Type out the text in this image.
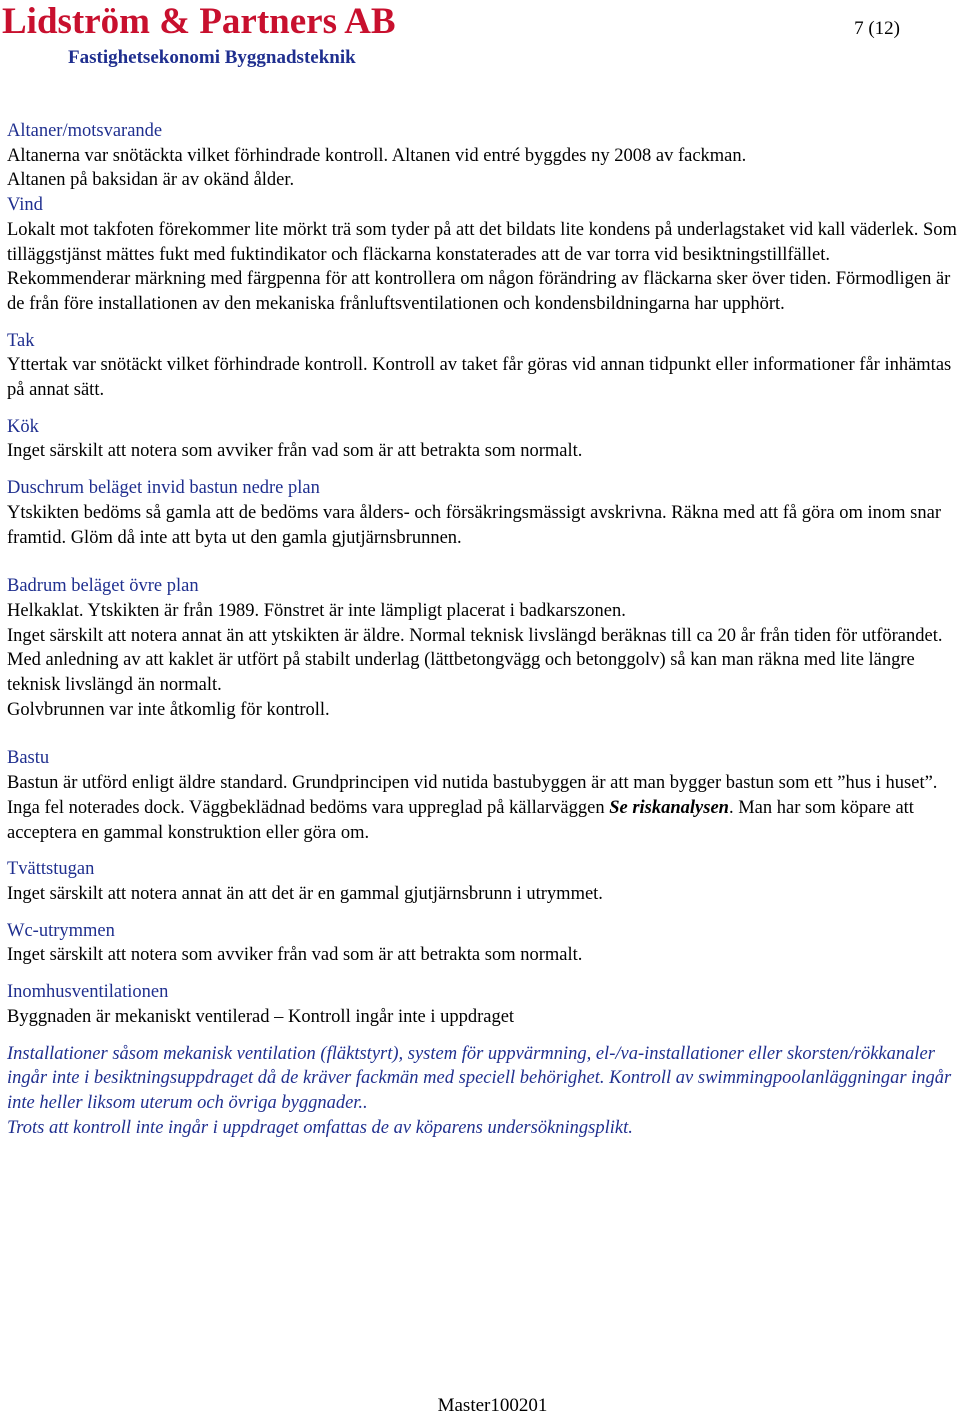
Lidström & Partners AB
Fastighetsekonomi Byggnadsteknik
7 (12)
Altaner/motsvarande

Altanerna var snötäckta vilket förhindrade kontroll. Altanen vid entré byggdes ny 2008 av fackman.

Altanen på baksidan är av okänd ålder.

Vind

Lokalt mot takfoten förekommer lite mörkt trä som tyder på att det bildats lite kondens på underlagstaket vid kall väderlek. Som tilläggstjänst mättes fukt med fuktindikator och fläckarna konstaterades att de var torra vid besiktningstillfället. Rekommenderar märkning med färgpenna för att kontrollera om någon förändring av fläckarna sker över tiden. Förmodligen är de från före installationen av den mekaniska frånluftsventilationen och kondensbildningarna har upphört.

Tak

Yttertak var snötäckt vilket förhindrade kontroll. Kontroll av taket får göras vid annan tidpunkt eller informationer får inhämtas på annat sätt.

Kök

Inget särskilt att notera som avviker från vad som är att betrakta som normalt.

Duschrum beläget invid bastun nedre plan

Ytskikten bedöms så gamla att de bedöms vara ålders- och försäkringsmässigt avskrivna. Räkna med att få göra om inom snar framtid. Glöm då inte att byta ut den gamla gjutjärnsbrunnen.

Badrum beläget övre plan

Helkaklat. Ytskikten är från 1989. Fönstret är inte lämpligt placerat i badkarszonen.

Inget särskilt att notera annat än att ytskikten är äldre. Normal teknisk livslängd beräknas till ca 20 år från tiden för utförandet. Med anledning av att kaklet är utfört på stabilt underlag (lättbetongvägg och betonggolv) så kan man räkna med lite längre teknisk livslängd än normalt.

Golvbrunnen var inte åtkomlig för kontroll.

Bastu

Bastun är utförd enligt äldre standard. Grundprincipen vid nutida bastubyggen är att man bygger bastun som ett ”hus i huset”. Inga fel noterades dock. Väggbeklädnad bedöms vara uppreglad på källarväggen Se riskanalysen. Man har som köpare att acceptera en gammal konstruktion eller göra om.

Tvättstugan

Inget särskilt att notera annat än att det är en gammal gjutjärnsbrunn i utrymmet.

Wc-utrymmen

Inget särskilt att notera som avviker från vad som är att betrakta som normalt.

Inomhusventilationen

Byggnaden är mekaniskt ventilerad – Kontroll ingår inte i uppdraget

Installationer såsom mekanisk ventilation (fläktstyrt), system för uppvärmning, el-/va-installationer eller skorsten/rökkanaler ingår inte i besiktningsuppdraget då de kräver fackmän med speciell behörighet. Kontroll av swimmingpoolanläggningar ingår inte heller liksom uterum och övriga byggnader..

Trots att kontroll inte ingår i uppdraget omfattas de av köparens undersökningsplikt.

Master100201
